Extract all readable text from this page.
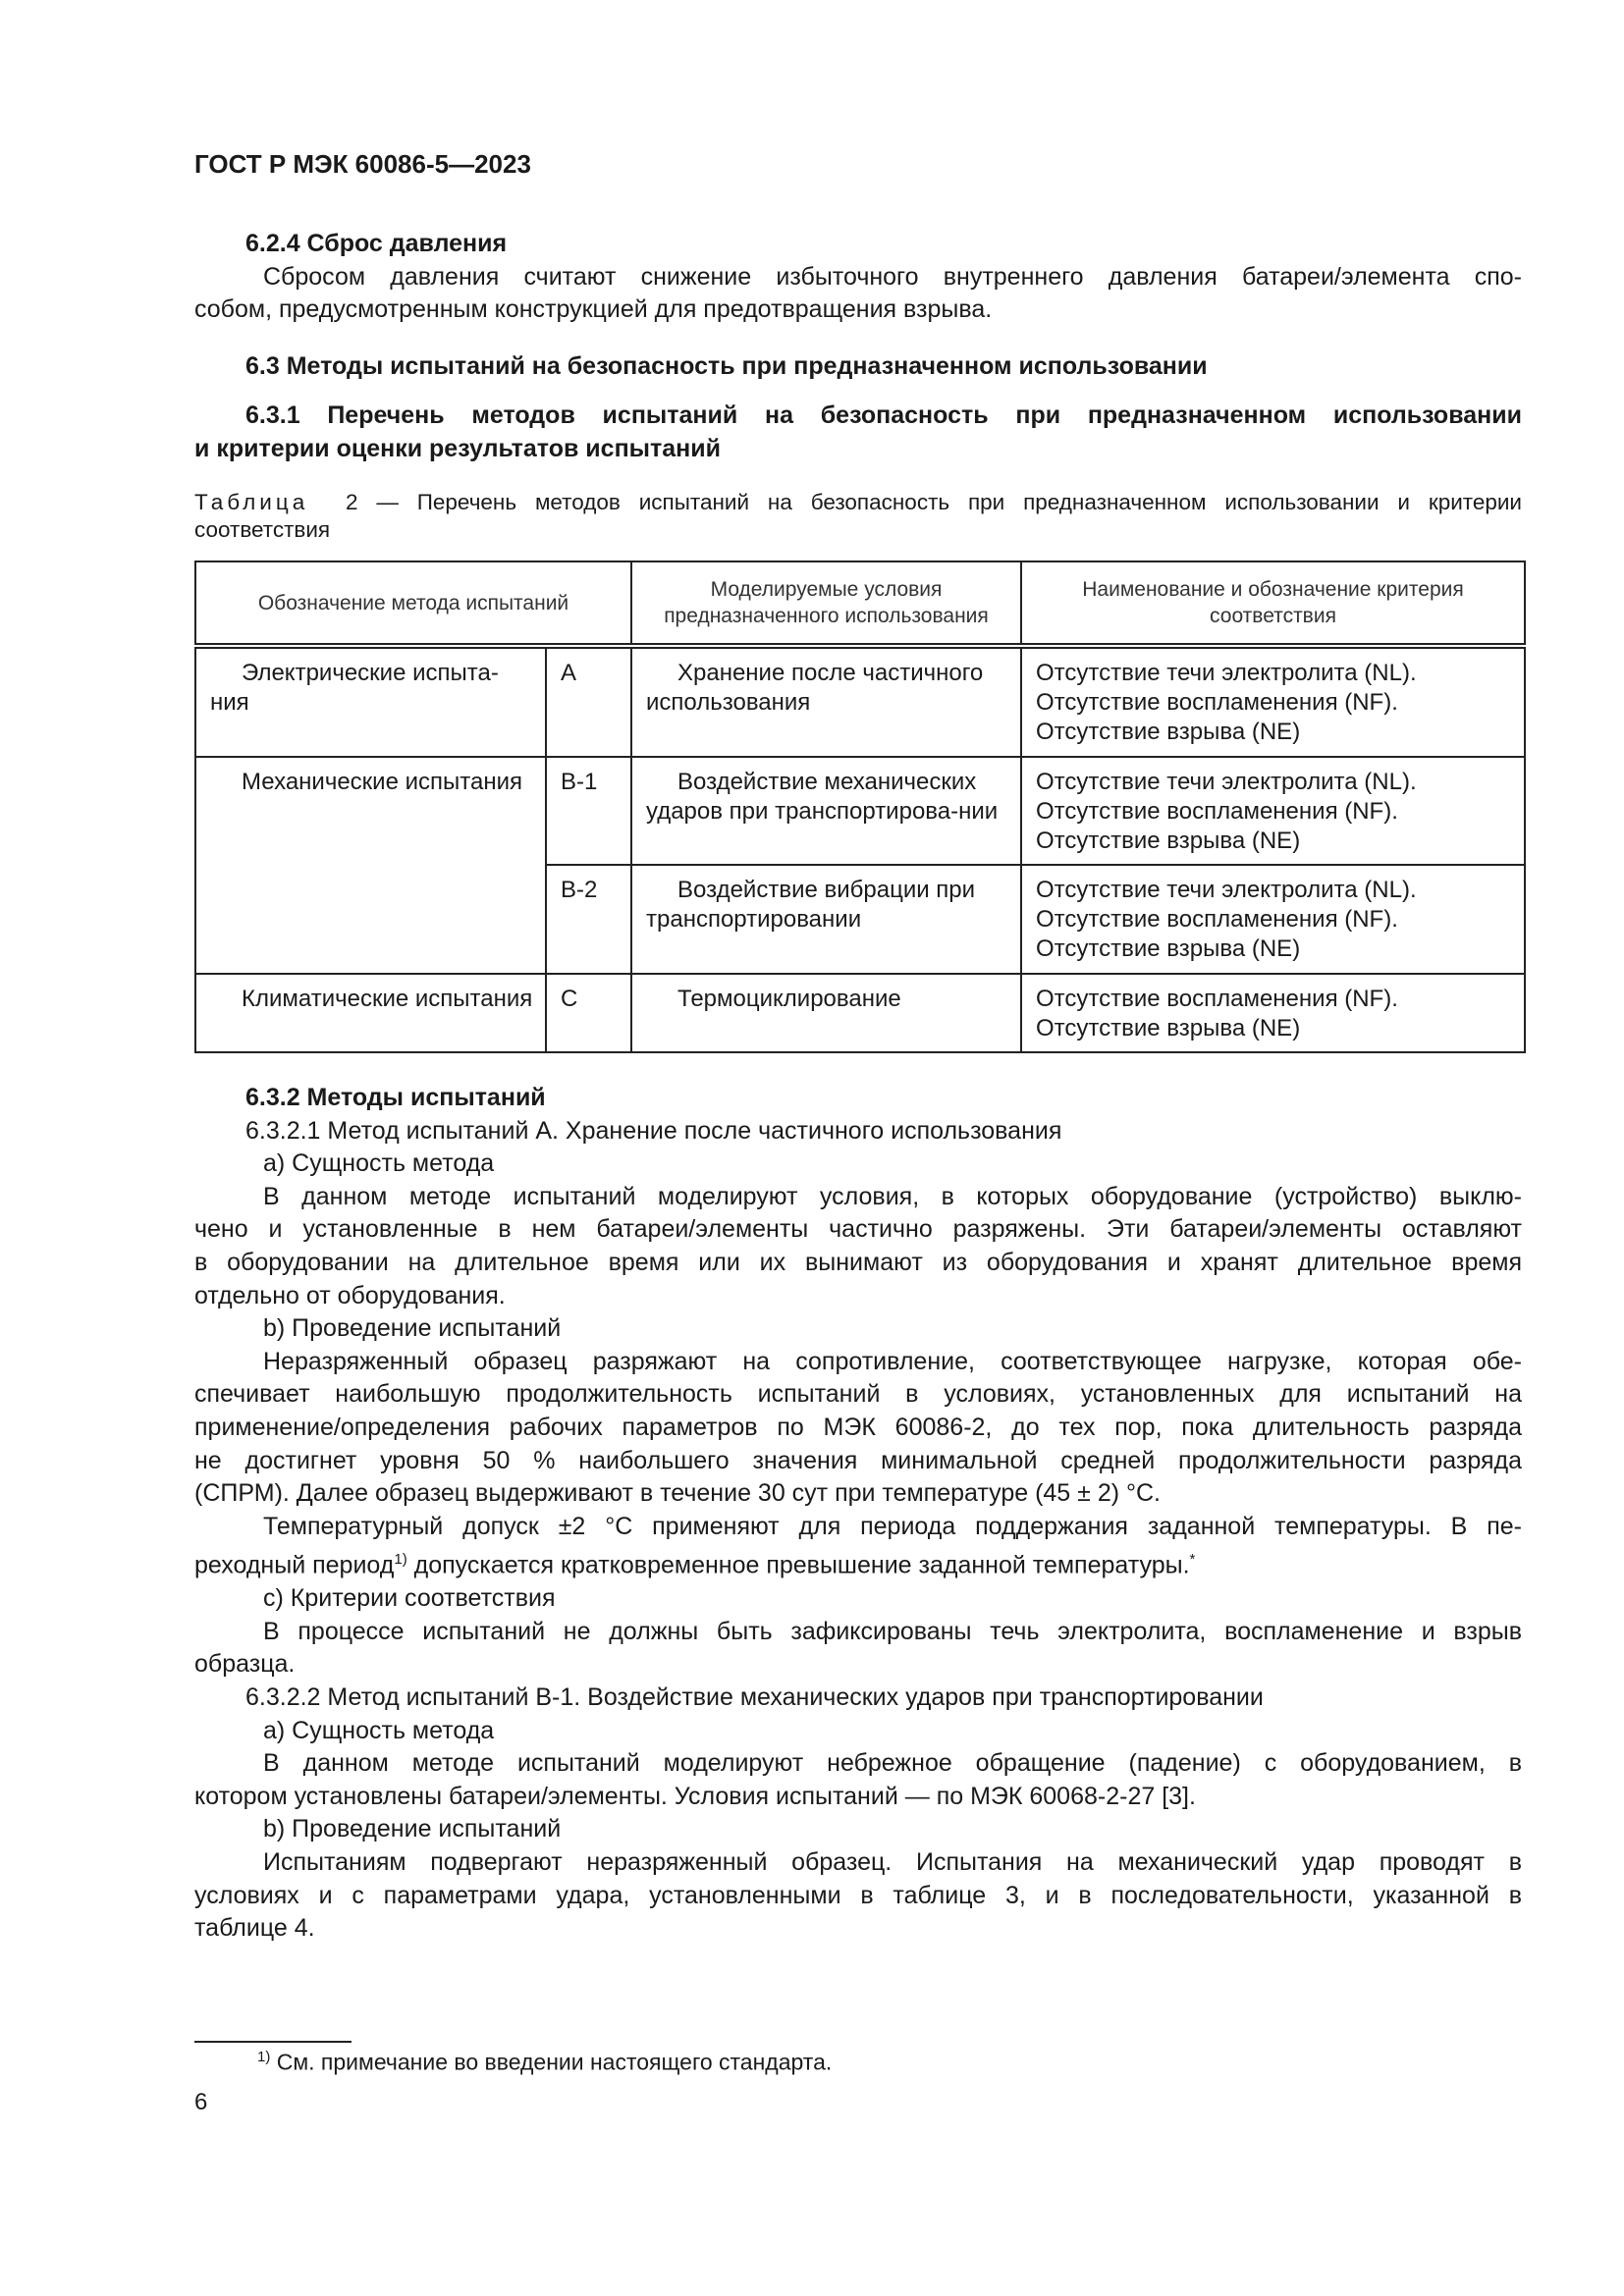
ГОСТ Р МЭК 60086-5—2023
6.2.4 Сброс давления
Сбросом давления считают снижение избыточного внутреннего давления батареи/элемента спо-
собом, предусмотренным конструкцией для предотвращения взрыва.
6.3 Методы испытаний на безопасность при предназначенном использовании
6.3.1 Перечень методов испытаний на безопасность при предназначенном использовании
и критерии оценки результатов испытаний
Таблица 2 — Перечень методов испытаний на безопасность при предназначенном использовании и критерии
соответствия
Обозначение метода испытаний		Моделируемые условия предназначенного использования	Наименование и обозначение критерия соответствия
Электрические испыта-ния	A	Хранение после частичного использования	Отсутствие течи электролита (NL).
Отсутствие воспламенения (NF).
Отсутствие взрыва (NE)

Механические испытания	B-1	Воздействие механических ударов при транспортирова-нии	Отсутствие течи электролита (NL).
Отсутствие воспламенения (NF).
Отсутствие взрыва (NE)

	B-2	Воздействие вибрации при транспортировании	Отсутствие течи электролита (NL).
Отсутствие воспламенения (NF).
Отсутствие взрыва (NE)

Климатические испытания	C	Термоциклирование	Отсутствие воспламенения (NF).
Отсутствие взрыва (NE)
6.3.2 Методы испытаний
6.3.2.1 Метод испытаний А. Хранение после частичного использования
a) Сущность метода
В данном методе испытаний моделируют условия, в которых оборудование (устройство) выклю-
чено и установленные в нем батареи/элементы частично разряжены. Эти батареи/элементы оставляют
в оборудовании на длительное время или их вынимают из оборудования и хранят длительное время
отдельно от оборудования.
b) Проведение испытаний
Неразряженный образец разряжают на сопротивление, соответствующее нагрузке, которая обе-
спечивает наибольшую продолжительность испытаний в условиях, установленных для испытаний на
применение/определения рабочих параметров по МЭК 60086-2, до тех пор, пока длительность разряда
не достигнет уровня 50 % наибольшего значения минимальной средней продолжительности разряда
(СПРМ). Далее образец выдерживают в течение 30 сут при температуре (45 ± 2) °C.
Температурный допуск ±2 °C применяют для периода поддержания заданной температуры. В пе-
реходный период$^{1)}$ допускается кратковременное превышение заданной температуры.*
c) Критерии соответствия
В процессе испытаний не должны быть зафиксированы течь электролита, воспламенение и взрыв
образца.
6.3.2.2 Метод испытаний B-1. Воздействие механических ударов при транспортировании
a) Сущность метода
В данном методе испытаний моделируют небрежное обращение (падение) с оборудованием, в
котором установлены батареи/элементы. Условия испытаний — по МЭК 60068-2-27 [3].
b) Проведение испытаний
Испытаниям подвергают неразряженный образец. Испытания на механический удар проводят в
условиях и с параметрами удара, установленными в таблице 3, и в последовательности, указанной в
таблице 4.
$^{1)}$ См. примечание во введении настоящего стандарта.
6
